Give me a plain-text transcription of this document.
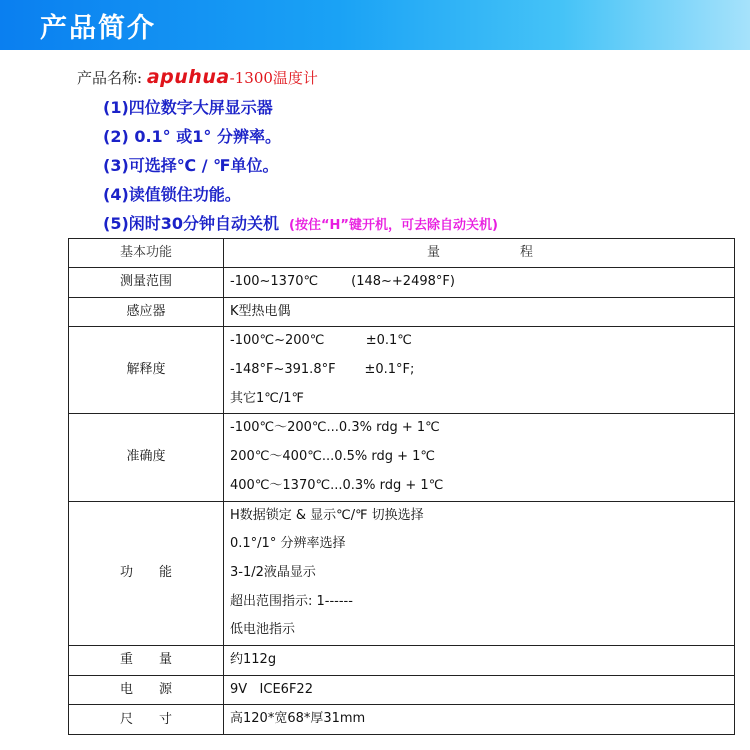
产品简介
产品名称: apuhua-1300温度计
(1)四位数字大屏显示器
(2) 0.1° 或1° 分辨率。
(3)可选择℃ / ℉单位。
(4)读值锁住功能。
(5)闲时30分钟自动关机 (按住“H”键开机，可去除自动关机)
基本功能	量 程
测量范围	-100~1370℃        (148~+2498°F)

感应器	K型热电偶

解释度	-100℃~200℃          ±0.1℃
-148°F~391.8°F       ±0.1°F;
其它1℃/1℉

准确度	-100℃～200℃...0.3% rdg + 1℃
200℃～400℃...0.5% rdg + 1℃
400℃～1370℃...0.3% rdg + 1℃

功　　能	H数据锁定 & 显示℃/℉ 切换选择
0.1°/1° 分辨率选择
3-1/2液晶显示
超出范围指示: 1------
低电池指示

重　　量	约112g

电　　源	9V   ICE6F22

尺　　寸	高120*宽68*厚31mm
